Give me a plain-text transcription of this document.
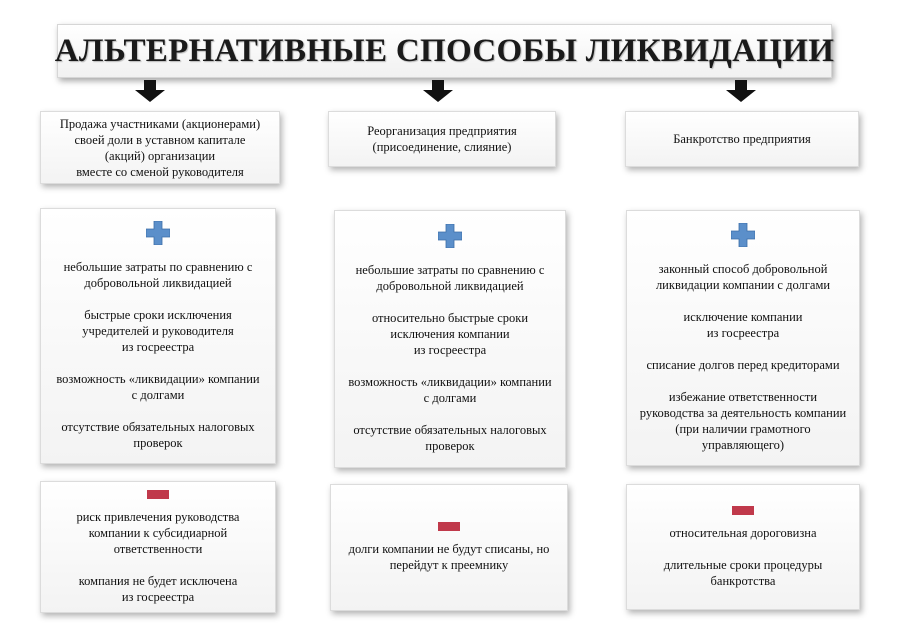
АЛЬТЕРНАТИВНЫЕ СПОСОБЫ ЛИКВИДАЦИИ
Продажа участниками (акционерами)
своей доли в уставном капитале
(акций) организации
вместе со сменой руководителя
небольшие затраты по сравнению с
добровольной ликвидацией
быстрые сроки исключения
учредителей и руководителя
из госреестра
возможность «ликвидации» компании
с долгами
отсутствие обязательных налоговых
проверок
риск привлечения руководства
компании к субсидиарной
ответственности
компания не будет исключена
из госреестра
Реорганизация предприятия
(присоединение, слияние)
небольшие затраты по сравнению с
добровольной ликвидацией
относительно быстрые сроки
исключения компании
из госреестра
возможность «ликвидации» компании
с долгами
отсутствие обязательных налоговых
проверок
долги компании не будут списаны, но
перейдут к преемнику
Банкротство предприятия
законный способ добровольной
ликвидации компании с долгами
исключение компании
из госреестра
списание долгов перед кредиторами
избежание ответственности
руководства за деятельность компании
(при наличии грамотного
управляющего)
относительная дороговизна
длительные сроки процедуры
банкротства
